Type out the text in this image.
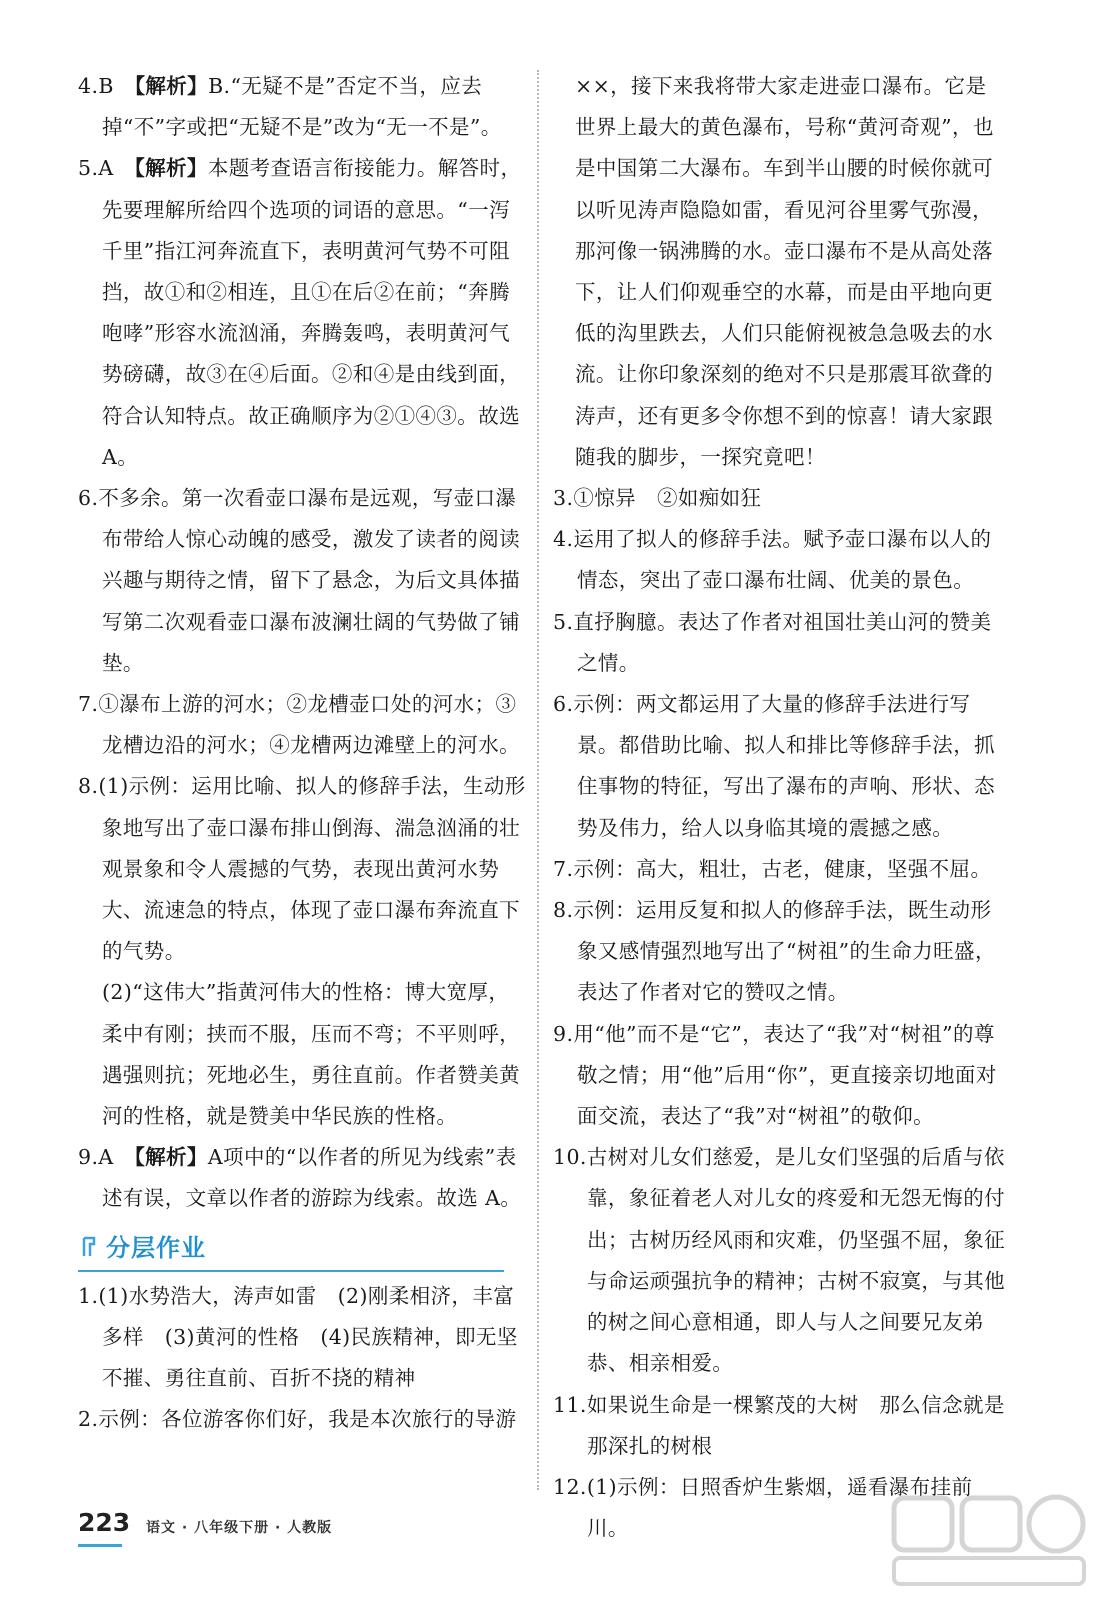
4.B　 【解析】B.“无疑不是”否定不当，应去掉“不”字或把“无疑不是”改为“无一不是”。

5.A　 【解析】本题考查语言衔接能力。解答时，先要理解所给四个选项的词语的意思。“一泻千里”指江河奔流直下，表明黄河气势不可阻挡，故①和②相连，且①在后②在前；“奔腾咆哮”形容水流汹涌，奔腾轰鸣，表明黄河气势磅礴，故③在④后面。②和④是由线到面，符合认知特点。故正确顺序为②①④③。故选 A。

6.不多余。第一次看壶口瀑布是远观，写壶口瀑布带给人惊心动魄的感受，激发了读者的阅读兴趣与期待之情，留下了悬念，为后文具体描写第二次观看壶口瀑布波澜壮阔的气势做了铺垫。

7.①瀑布上游的河水；②龙槽壶口处的河水；③龙槽边沿的河水；④龙槽两边滩壁上的河水。

8.(1)示例：运用比喻、拟人的修辞手法，生动形象地写出了壶口瀑布排山倒海、湍急汹涌的壮观景象和令人震撼的气势，表现出黄河水势大、流速急的特点，体现了壶口瀑布奔流直下的气势。

(2)“这伟大”指黄河伟大的性格：博大宽厚，柔中有刚；挟而不服，压而不弯；不平则呼，遇强则抗；死地必生，勇往直前。作者赞美黄河的性格，就是赞美中华民族的性格。

9.A　 【解析】A项中的“以作者的所见为线索”表述有误，文章以作者的游踪为线索。故选 A。

分层作业

1.(1)水势浩大，涛声如雷　(2)刚柔相济，丰富多样　(3)黄河的性格　(4)民族精神，即无坚不摧、勇往直前、百折不挠的精神

2.示例：各位游客你们好，我是本次旅行的导游

××，接下来我将带大家走进壶口瀑布。它是世界上最大的黄色瀑布，号称“黄河奇观”，也是中国第二大瀑布。车到半山腰的时候你就可以听见涛声隐隐如雷，看见河谷里雾气弥漫，那河像一锅沸腾的水。壶口瀑布不是从高处落下，让人们仰观垂空的水幕，而是由平地向更低的沟里跌去，人们只能俯视被急急吸去的水流。让你印象深刻的绝对不只是那震耳欲聋的涛声，还有更多令你想不到的惊喜！请大家跟随我的脚步，一探究竟吧！

3.①惊异　②如痴如狂

4.运用了拟人的修辞手法。赋予壶口瀑布以人的情态，突出了壶口瀑布壮阔、优美的景色。

5.直抒胸臆。表达了作者对祖国壮美山河的赞美之情。

6.示例：两文都运用了大量的修辞手法进行写景。都借助比喻、拟人和排比等修辞手法，抓住事物的特征，写出了瀑布的声响、形状、态势及伟力，给人以身临其境的震撼之感。

7.示例：高大，粗壮，古老，健康，坚强不屈。

8.示例：运用反复和拟人的修辞手法，既生动形象又感情强烈地写出了“树祖”的生命力旺盛，表达了作者对它的赞叹之情。

9.用“他”而不是“它”，表达了“我”对“树祖”的尊敬之情；用“他”后用“你”，更直接亲切地面对面交流，表达了“我”对“树祖”的敬仰。

10.古树对儿女们慈爱，是儿女们坚强的后盾与依靠，象征着老人对儿女的疼爱和无怨无悔的付出；古树历经风雨和灾难，仍坚强不屈，象征与命运顽强抗争的精神；古树不寂寞，与其他的树之间心意相通，即人与人之间要兄友弟恭、相亲相爱。

11.如果说生命是一棵繁茂的大树　那么信念就是那深扎的树根

12.(1)示例：日照香炉生紫烟，遥看瀑布挂前川。

223 语文 · 八年级下册 · 人教版
